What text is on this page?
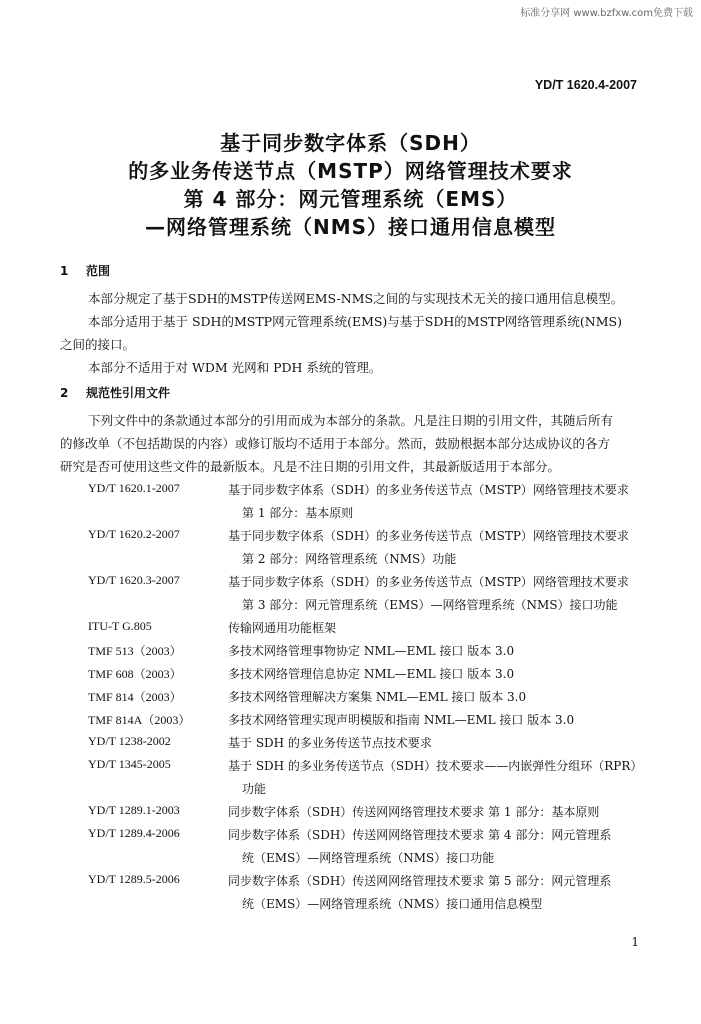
标准分享网 www.bzfxw.com免费下载
YD/T 1620.4-2007
基于同步数字体系（SDH）
的多业务传送节点（MSTP）网络管理技术要求
第 4 部分：网元管理系统（EMS）
—网络管理系统（NMS）接口通用信息模型
1 范围
本部分规定了基于SDH的MSTP传送网EMS-NMS之间的与实现技术无关的接口通用信息模型。
本部分适用于基于 SDH的MSTP网元管理系统(EMS)与基于SDH的MSTP网络管理系统(NMS)
之间的接口。
本部分不适用于对 WDM 光网和 PDH 系统的管理。
2 规范性引用文件
下列文件中的条款通过本部分的引用而成为本部分的条款。凡是注日期的引用文件，其随后所有
的修改单（不包括勘误的内容）或修订版均不适用于本部分。然而，鼓励根据本部分达成协议的各方
研究是否可使用这些文件的最新版本。凡是不注日期的引用文件，其最新版适用于本部分。
YD/T 1620.1-2007	基于同步数字体系（SDH）的多业务传送节点（MSTP）网络管理技术要求
第 1 部分：基本原则
YD/T 1620.2-2007	基于同步数字体系（SDH）的多业务传送节点（MSTP）网络管理技术要求
第 2 部分：网络管理系统（NMS）功能
YD/T 1620.3-2007	基于同步数字体系（SDH）的多业务传送节点（MSTP）网络管理技术要求
第 3 部分：网元管理系统（EMS）—网络管理系统（NMS）接口功能
ITU-T G.805	传输网通用功能框架
TMF 513（2003）	多技术网络管理事物协定 NML—EML 接口 版本 3.0
TMF 608（2003）	多技术网络管理信息协定 NML—EML 接口 版本 3.0
TMF 814（2003）	多技术网络管理解决方案集 NML—EML 接口 版本 3.0
TMF 814A（2003）	多技术网络管理实现声明模版和指南 NML—EML 接口 版本 3.0
YD/T 1238-2002	基于 SDH 的多业务传送节点技术要求
YD/T 1345-2005	基于 SDH 的多业务传送节点（SDH）技术要求——内嵌弹性分组环（RPR）
功能
YD/T 1289.1-2003	同步数字体系（SDH）传送网网络管理技术要求 第 1 部分：基本原则
YD/T 1289.4-2006	同步数字体系（SDH）传送网网络管理技术要求 第 4 部分：网元管理系
统（EMS）—网络管理系统（NMS）接口功能
YD/T 1289.5-2006	同步数字体系（SDH）传送网网络管理技术要求 第 5 部分：网元管理系
统（EMS）—网络管理系统（NMS）接口通用信息模型
1
